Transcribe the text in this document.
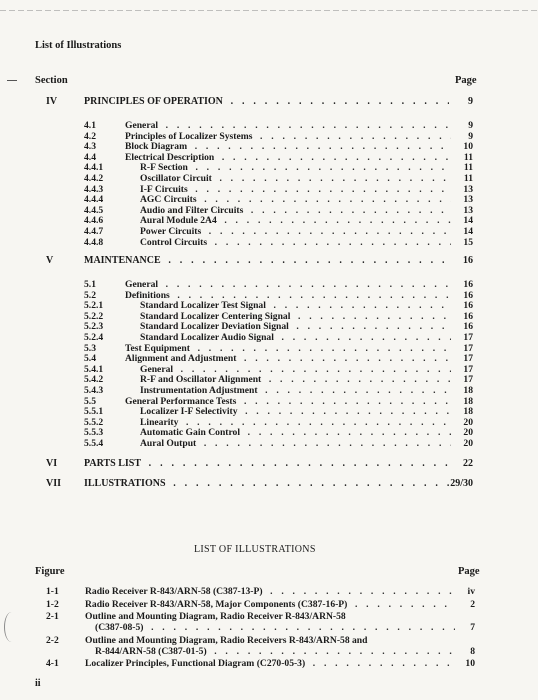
List of Illustrations
Section	Page
IV	PRINCIPLES OF OPERATION . . .	9
4.1	General . . .	9
4.2	Principles of Localizer Systems . . .	9
4.3	Block Diagram . . .	10
4.4	Electrical Description . . .	11
4.4.1	R-F Section . . .	11
4.4.2	Oscillator Circuit . . .	11
4.4.3	I-F Circuits . . .	13
4.4.4	AGC Circuits . . .	13
4.4.5	Audio and Filter Circuits . . .	13
4.4.6	Aural Module 2A4 . . .	14
4.4.7	Power Circuits . . .	14
4.4.8	Control Circuits . . .	15
V	MAINTENANCE . . .	16
5.1	General . . .	16
5.2	Definitions . . .	16
5.2.1	Standard Localizer Test Signal . . .	16
5.2.2	Standard Localizer Centering Signal . . .	16
5.2.3	Standard Localizer Deviation Signal . . .	16
5.2.4	Standard Localizer Audio Signal . . .	17
5.3	Test Equipment . . .	17
5.4	Alignment and Adjustment . . .	17
5.4.1	General . . .	17
5.4.2	R-F and Oscillator Alignment . . .	17
5.4.3	Instrumentation Adjustment . . .	18
5.5	General Performance Tests . . .	18
5.5.1	Localizer I-F Selectivity . . .	18
5.5.2	Linearity . . .	20
5.5.3	Automatic Gain Control . . .	20
5.5.4	Aural Output . . .	20
VI	PARTS LIST . . .	22
VII ILLUSTRATIONS . . .	29/30
LIST OF ILLUSTRATIONS
Figure	Page
1-1	Radio Receiver R-843/ARN-58 (C387-13-P) . . .	iv
1-2	Radio Receiver R-843/ARN-58, Major Components (C387-16-P) . . .	2
2-1	Outline and Mounting Diagram, Radio Receiver R-843/ARN-58
(C387-08-5) . . .	7
2-2	Outline and Mounting Diagram, Radio Receivers R-843/ARN-58 and
R-844/ARN-58 (C387-01-5) . . .	8
4-1	Localizer Principles, Functional Diagram (C270-05-3) . . .	10
ii
